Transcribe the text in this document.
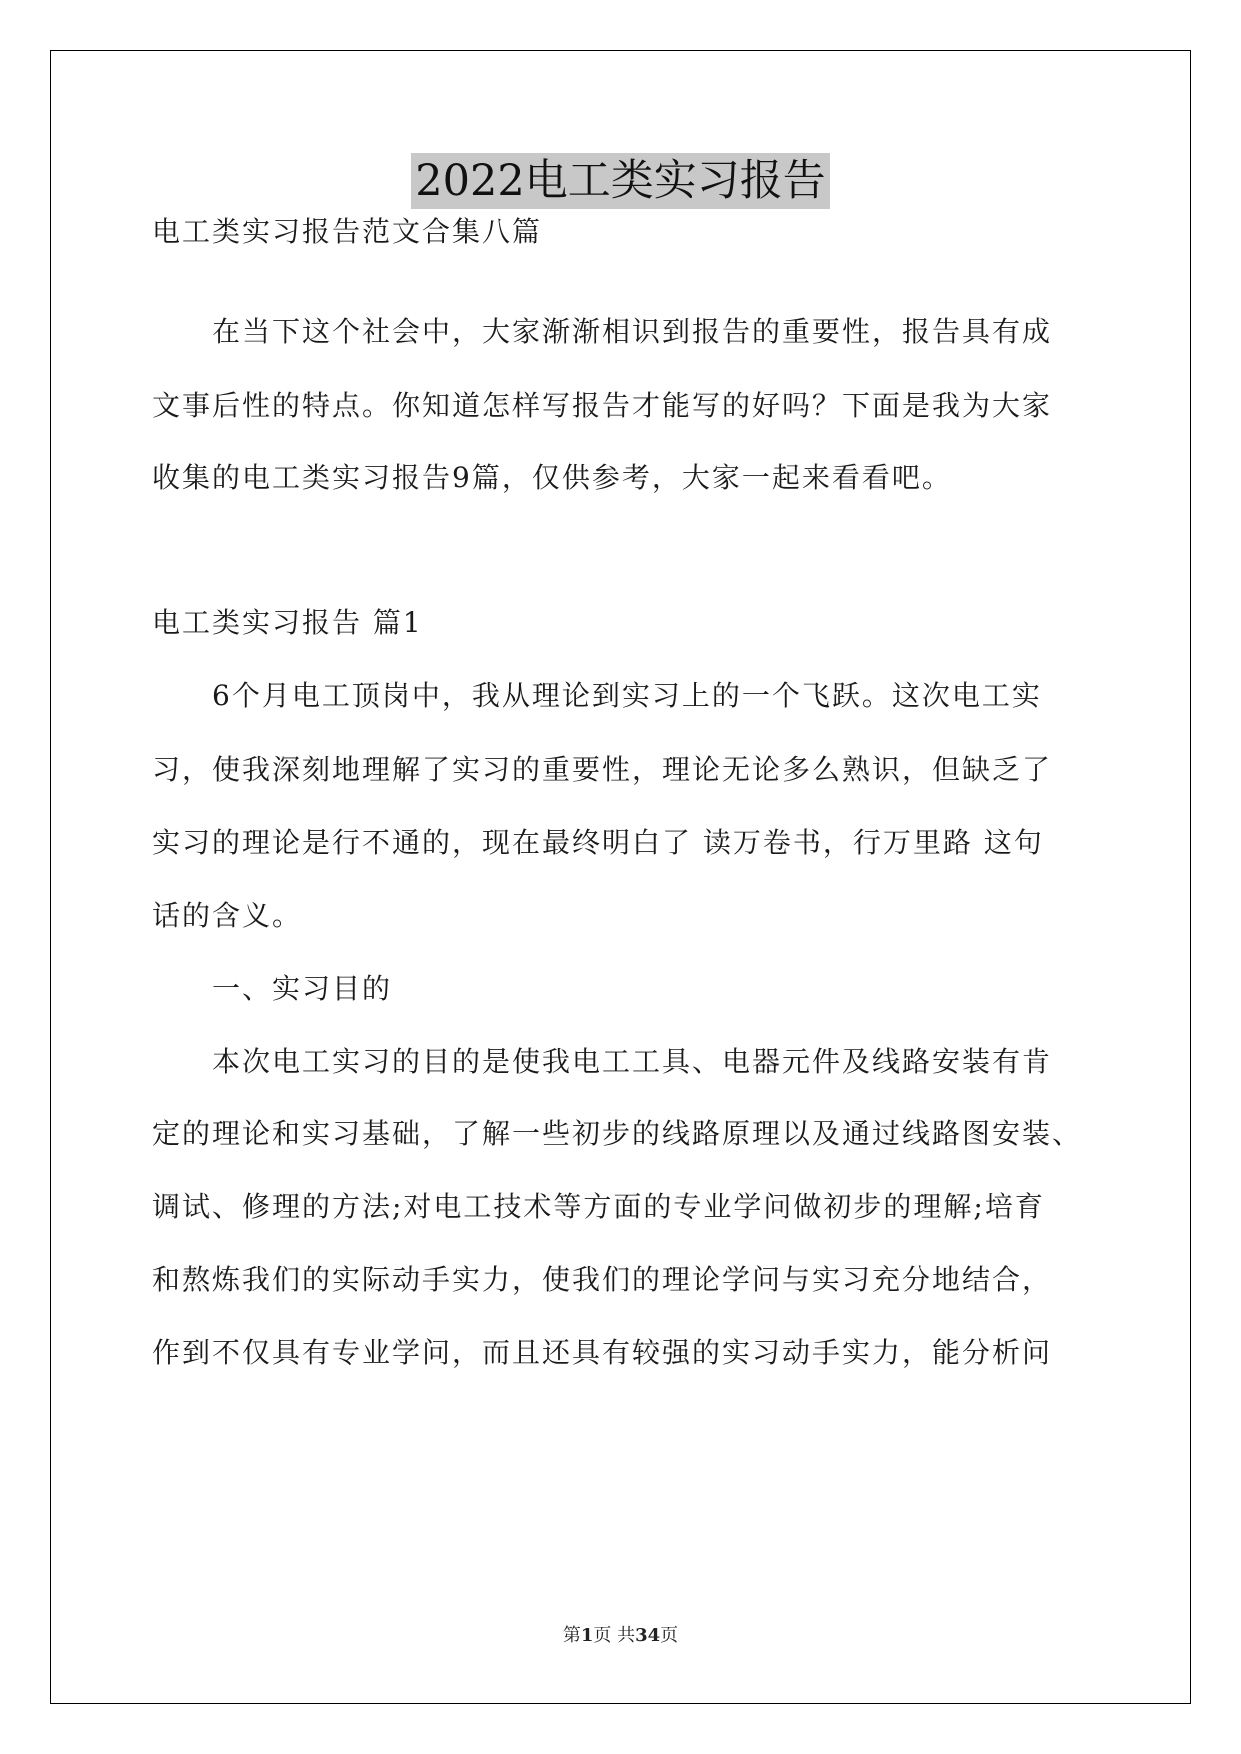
2022电工类实习报告
电工类实习报告范文合集八篇
在当下这个社会中，大家渐渐相识到报告的重要性，报告具有成
文事后性的特点。你知道怎样写报告才能写的好吗？下面是我为大家
收集的电工类实习报告9篇，仅供参考，大家一起来看看吧。
电工类实习报告 篇1
6个月电工顶岗中，我从理论到实习上的一个飞跃。这次电工实
习，使我深刻地理解了实习的重要性，理论无论多么熟识，但缺乏了
实习的理论是行不通的，现在最终明白了 读万卷书，行万里路 这句
话的含义。
一、实习目的
本次电工实习的目的是使我电工工具、电器元件及线路安装有肯
定的理论和实习基础，了解一些初步的线路原理以及通过线路图安装、
调试、修理的方法;对电工技术等方面的专业学问做初步的理解;培育
和熬炼我们的实际动手实力，使我们的理论学问与实习充分地结合，
作到不仅具有专业学问，而且还具有较强的实习动手实力，能分析问
第1页 共34页
